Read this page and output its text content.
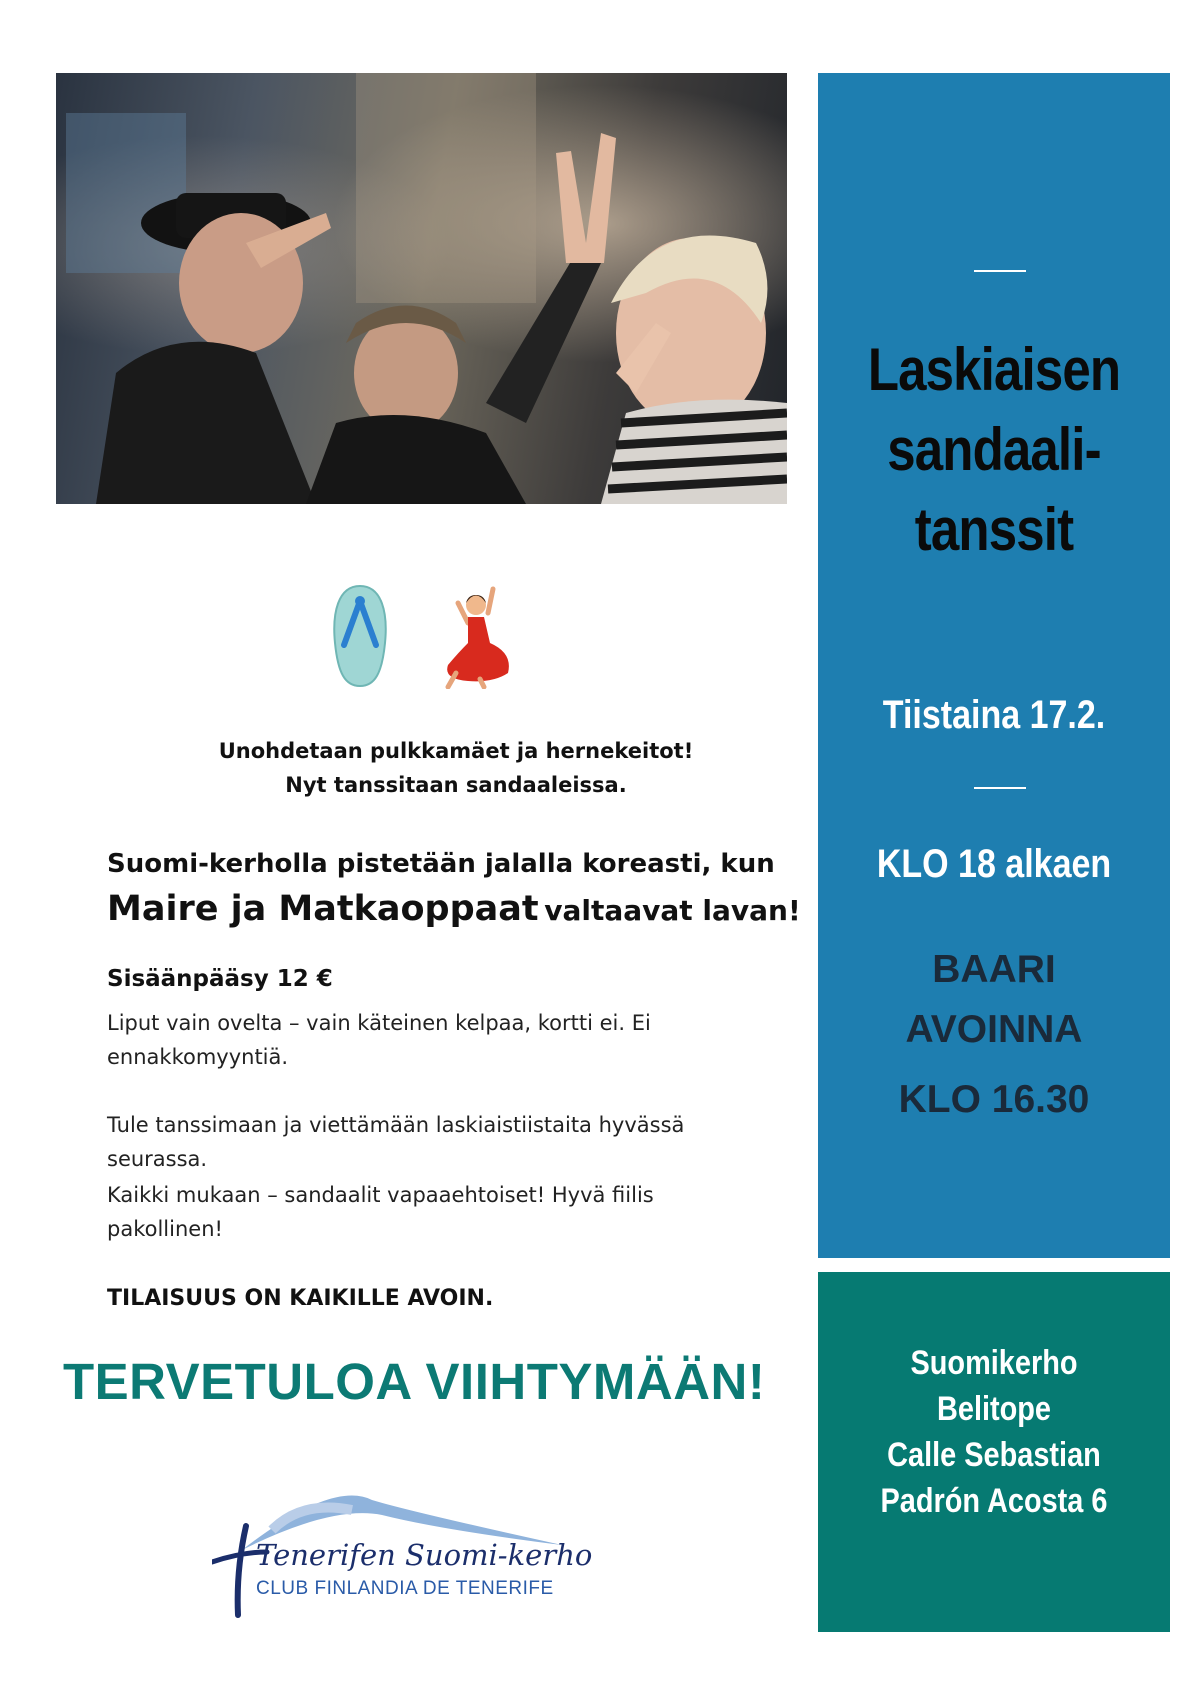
Unohdetaan pulkkamäet ja hernekeitot!
Nyt tanssitaan sandaaleissa.
Suomi-kerholla pistetään jalalla koreasti, kun
Maire ja Matkaoppaat valtaavat lavan!
Sisäänpääsy 12 €
Liput vain ovelta – vain käteinen kelpaa, kortti ei. Ei ennakkomyyntiä.
Tule tanssimaan ja viettämään laskiaistiistaita hyvässä seurassa.
Kaikki mukaan – sandaalit vapaaehtoiset! Hyvä fiilis pakollinen!
TILAISUUS ON KAIKILLE AVOIN.
TERVETULOA VIIHTYMÄÄN!
Tenerifen Suomi-kerho
CLUB FINLANDIA DE TENERIFE
Laskiaisen
sandaali-
tanssit
Tiistaina 17.2.
KLO 18 alkaen
BAARI
AVOINNA
KLO 16.30
Suomikerho
Belitope
Calle Sebastian
Padrón Acosta 6
